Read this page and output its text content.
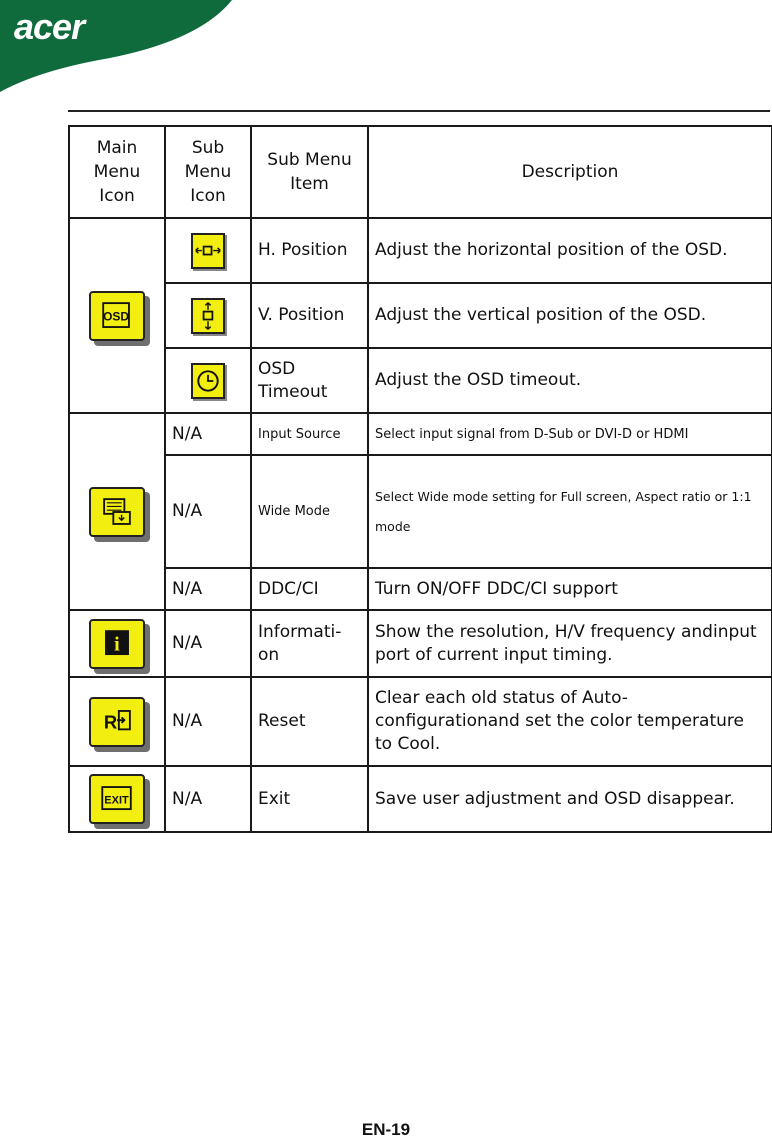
acer
Main Menu Icon	Sub Menu Icon	Sub Menu Item	Description

OSD		H. Position	Adjust the horizontal position of the OSD.

	V. Position	Adjust the vertical position of the OSD.

	OSD Timeout	Adjust the OSD timeout.

	N/A	Input Source	Select input signal from D-Sub or DVI-D or HDMI
	N/A	Wide Mode	Select Wide mode setting for Full screen, Aspect ratio or 1:1 mode
	N/A	DDC/CI	Turn ON/OFF DDC/CI support

i	N/A	Informati-on	Show the resolution, H/V frequency andinput port of current input timing.

R	N/A	Reset	Clear each old status of Auto-configurationand set the color temperature to Cool.

EXIT	N/A	Exit	Save user adjustment and OSD disappear.
EN-19
